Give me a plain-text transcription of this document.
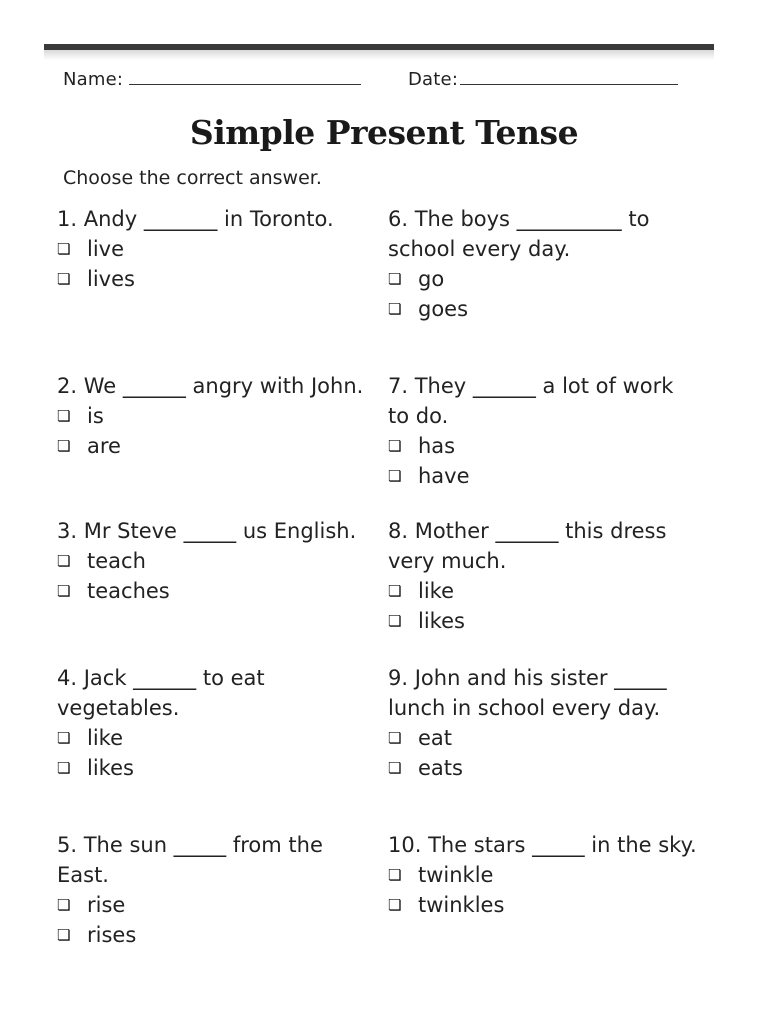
Name:	Date:
Simple Present Tense
Choose the correct answer.
1. Andy _______ in Toronto.
❏ live
❏ lives
2. We ______ angry with John.
❏ is
❏ are
3. Mr Steve _____ us English.
❏ teach
❏ teaches
4. Jack ______ to eat vegetables.
❏ like
❏ likes
5. The sun _____ from the East.
❏ rise
❏ rises
6. The boys __________ to school every day.
❏ go
❏ goes
7. They ______ a lot of work to do.
❏ has
❏ have
8. Mother ______ this dress very much.
❏ like
❏ likes
9. John and his sister _____ lunch in school every day.
❏ eat
❏ eats
10. The stars _____ in the sky.
❏ twinkle
❏ twinkles
